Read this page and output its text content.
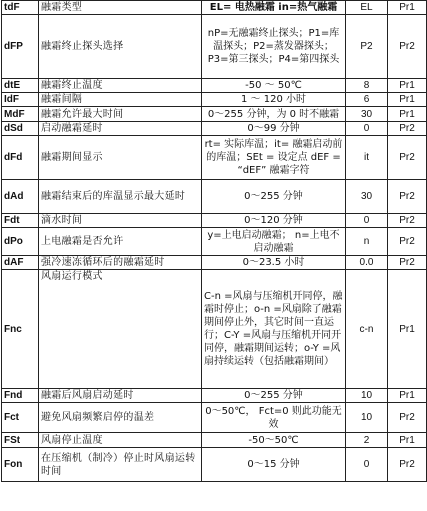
tdF	融霜类型	EL= 电热融霜 in=热气融霜	EL	Pr1
dFP	融霜终止探头选择	nP=无融霜终止探头；P1=库温探头；P2=蒸发器探头；P3=第三探头；P4=第四探头	P2	Pr2
dtE	融霜终止温度	-50 ～ 50℃	8	Pr1
IdF	融霜间隔	1 ～ 120 小时	6	Pr1
MdF	融霜允许最大时间	0～255 分钟，为 0 时不融霜	30	Pr1
dSd	启动融霜延时	0～99 分钟	0	Pr2
dFd	融霜期间显示	rt= 实际库温；it= 融霜启动前的库温；SEt = 设定点 dEF = “dEF” 融霜字符	it	Pr2
dAd	融霜结束后的库温显示最大延时	0～255 分钟	30	Pr2
Fdt	滴水时间	0～120 分钟	0	Pr2
dPo	上电融霜是否允许	y=上电启动融霜； n=上电不启动融霜	n	Pr2
dAF	强冷速冻循环后的融霜延时	0～23.5 小时	0.0	Pr2
Fnc	风扇运行模式	C-n =风扇与压缩机开同停，融霜时停止；o-n =风扇除了融霜期间停止外，其它时间一直运行；C-Y =风扇与压缩机开同开同停，融霜期间运转；o-Y =风扇持续运转（包括融霜期间）	c-n	Pr1
Fnd	融霜后风扇启动延时	0～255 分钟	10	Pr1
Fct	避免风扇频繁启停的温差	0～50℃， Fct=0 则此功能无效	10	Pr2
FSt	风扇停止温度	-50～50℃	2	Pr1
Fon	在压缩机（制冷）停止时风扇运转时间	0～15 分钟	0	Pr2
